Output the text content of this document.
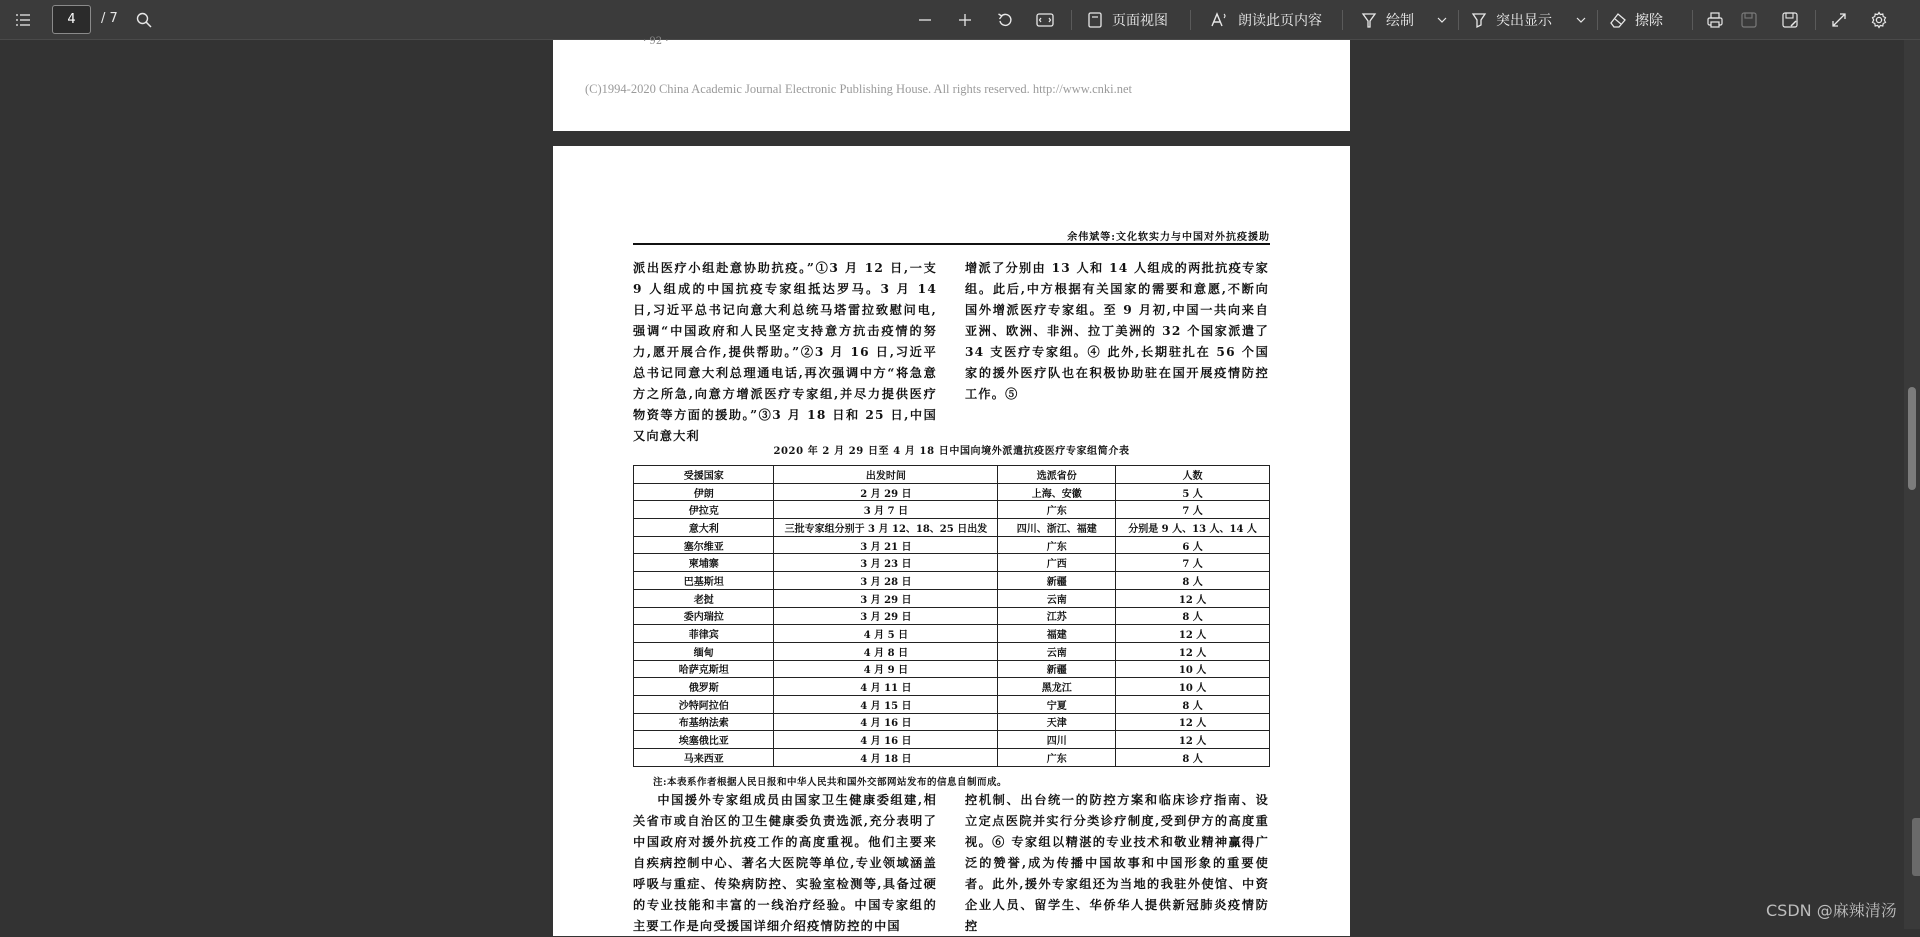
4
/ 7	页面视图	朗读此页内容	绘制	突出显示	擦除
· 92 ·
(C)1994-2020 China Academic Journal Electronic Publishing House. All rights reserved. http://www.cnki.net
余伟斌等:文化软实力与中国对外抗疫援助
派出医疗小组赴意协助抗疫。”①3 月 12 日,一支 9 人组成的中国抗疫专家组抵达罗马。3 月 14 日,习近平总书记向意大利总统马塔雷拉致慰问电,强调“中国政府和人民坚定支持意方抗击疫情的努力,愿开展合作,提供帮助。”②3 月 16 日,习近平总书记同意大利总理通电话,再次强调中方“将急意方之所急,向意方增派医疗专家组,并尽力提供医疗物资等方面的援助。”③3 月 18 日和 25 日,中国又向意大利
增派了分别由 13 人和 14 人组成的两批抗疫专家组。此后,中方根据有关国家的需要和意愿,不断向国外增派医疗专家组。至 9 月初,中国一共向来自亚洲、欧洲、非洲、拉丁美洲的 32 个国家派遣了 34 支医疗专家组。④ 此外,长期驻扎在 56 个国家的援外医疗队也在积极协助驻在国开展疫情防控工作。⑤
2020 年 2 月 29 日至 4 月 18 日中国向境外派遣抗疫医疗专家组简介表
受援国家	出发时间	选派省份	人数
伊朗	2 月 29 日	上海、安徽	5 人
伊拉克	3 月 7 日	广东	7 人
意大利	三批专家组分别于 3 月 12、18、25 日出发	四川、浙江、福建	分别是 9 人、13 人、14 人
塞尔维亚	3 月 21 日	广东	6 人
柬埔寨	3 月 23 日	广西	7 人
巴基斯坦	3 月 28 日	新疆	8 人
老挝	3 月 29 日	云南	12 人
委内瑞拉	3 月 29 日	江苏	8 人
菲律宾	4 月 5 日	福建	12 人
缅甸	4 月 8 日	云南	12 人
哈萨克斯坦	4 月 9 日	新疆	10 人
俄罗斯	4 月 11 日	黑龙江	10 人
沙特阿拉伯	4 月 15 日	宁夏	8 人
布基纳法索	4 月 16 日	天津	12 人
埃塞俄比亚	4 月 16 日	四川	12 人
马来西亚	4 月 18 日	广东	8 人
注:本表系作者根据人民日报和中华人民共和国外交部网站发布的信息自制而成。
中国援外专家组成员由国家卫生健康委组建,相关省市或自治区的卫生健康委负责选派,充分表明了中国政府对援外抗疫工作的高度重视。他们主要来自疾病控制中心、著名大医院等单位,专业领域涵盖呼吸与重症、传染病防控、实验室检测等,具备过硬的专业技能和丰富的一线治疗经验。中国专家组的主要工作是向受援国详细介绍疫情防控的中国
控机制、出台统一的防控方案和临床诊疗指南、设立定点医院并实行分类诊疗制度,受到伊方的高度重视。⑥ 专家组以精湛的专业技术和敬业精神赢得广泛的赞誉,成为传播中国故事和中国形象的重要使者。此外,援外专家组还为当地的我驻外使馆、中资企业人员、留学生、华侨华人提供新冠肺炎疫情防控
CSDN @麻辣清汤
